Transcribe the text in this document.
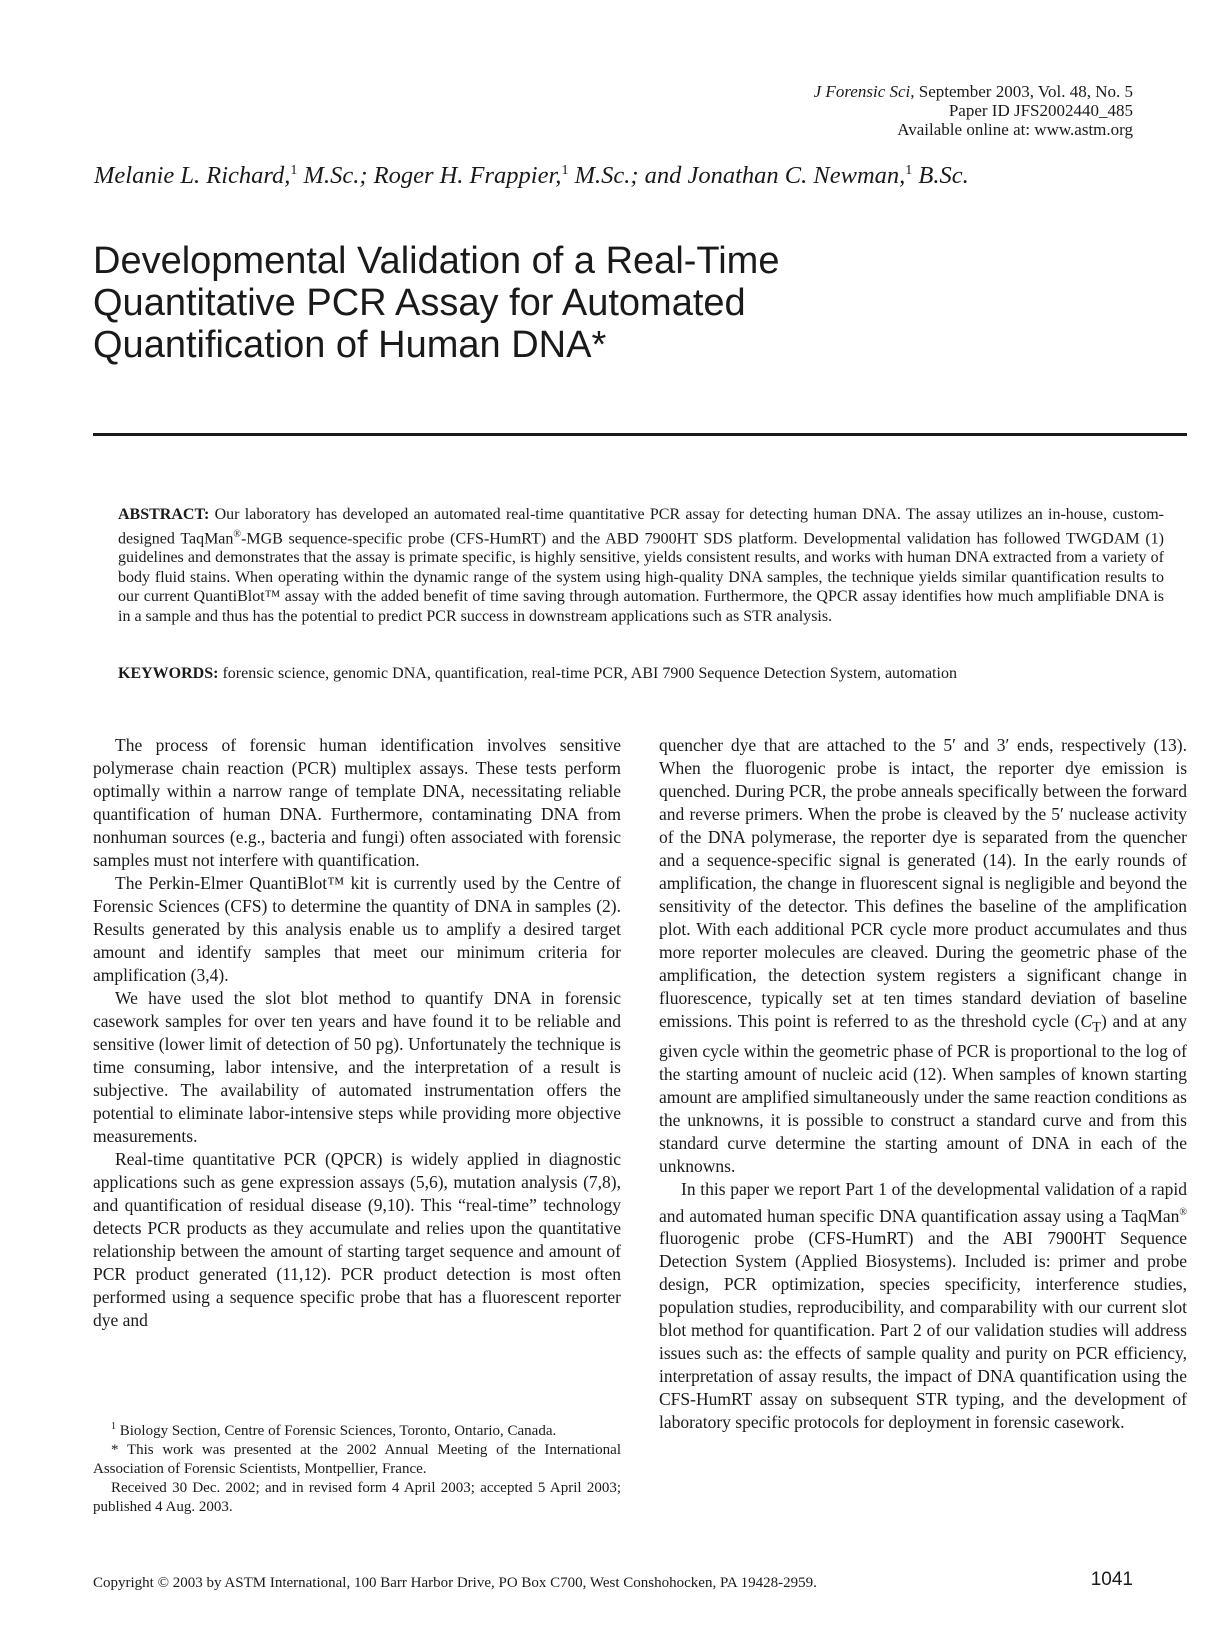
J Forensic Sci, September 2003, Vol. 48, No. 5
Paper ID JFS2002440_485
Available online at: www.astm.org
Melanie L. Richard,$^1$ M.Sc.; Roger H. Frappier,$^1$ M.Sc.; and Jonathan C. Newman,$^1$ B.Sc.
Developmental Validation of a Real-Time
Quantitative PCR Assay for Automated
Quantification of Human DNA*
ABSTRACT: Our laboratory has developed an automated real-time quantitative PCR assay for detecting human DNA. The assay utilizes an in-house, custom-designed TaqMan®-MGB sequence-specific probe (CFS-HumRT) and the ABD 7900HT SDS platform. Developmental validation has followed TWGDAM (1) guidelines and demonstrates that the assay is primate specific, is highly sensitive, yields consistent results, and works with human DNA extracted from a variety of body fluid stains. When operating within the dynamic range of the system using high-quality DNA samples, the technique yields similar quantification results to our current QuantiBlot™ assay with the added benefit of time saving through automation. Furthermore, the QPCR assay identifies how much amplifiable DNA is in a sample and thus has the potential to predict PCR success in downstream applications such as STR analysis.
KEYWORDS: forensic science, genomic DNA, quantification, real-time PCR, ABI 7900 Sequence Detection System, automation

The process of forensic human identification involves sensitive polymerase chain reaction (PCR) multiplex assays. These tests perform optimally within a narrow range of template DNA, necessitating reliable quantification of human DNA. Furthermore, contaminating DNA from nonhuman sources (e.g., bacteria and fungi) often associated with forensic samples must not interfere with quantification.

The Perkin-Elmer QuantiBlot™ kit is currently used by the Centre of Forensic Sciences (CFS) to determine the quantity of DNA in samples (2). Results generated by this analysis enable us to amplify a desired target amount and identify samples that meet our minimum criteria for amplification (3,4).

We have used the slot blot method to quantify DNA in forensic casework samples for over ten years and have found it to be reliable and sensitive (lower limit of detection of 50 pg). Unfortunately the technique is time consuming, labor intensive, and the interpretation of a result is subjective. The availability of automated instrumentation offers the potential to eliminate labor-intensive steps while providing more objective measurements.

Real-time quantitative PCR (QPCR) is widely applied in diagnostic applications such as gene expression assays (5,6), mutation analysis (7,8), and quantification of residual disease (9,10). This “real-time” technology detects PCR products as they accumulate and relies upon the quantitative relationship between the amount of starting target sequence and amount of PCR product generated (11,12). PCR product detection is most often performed using a sequence specific probe that has a fluorescent reporter dye and

quencher dye that are attached to the 5′ and 3′ ends, respectively (13). When the fluorogenic probe is intact, the reporter dye emission is quenched. During PCR, the probe anneals specifically between the forward and reverse primers. When the probe is cleaved by the 5′ nuclease activity of the DNA polymerase, the reporter dye is separated from the quencher and a sequence-specific signal is generated (14). In the early rounds of amplification, the change in fluorescent signal is negligible and beyond the sensitivity of the detector. This defines the baseline of the amplification plot. With each additional PCR cycle more product accumulates and thus more reporter molecules are cleaved. During the geometric phase of the amplification, the detection system registers a significant change in fluorescence, typically set at ten times standard deviation of baseline emissions. This point is referred to as the threshold cycle $(C_T)$ and at any given cycle within the geometric phase of PCR is proportional to the log of the starting amount of nucleic acid (12). When samples of known starting amount are amplified simultaneously under the same reaction conditions as the unknowns, it is possible to construct a standard curve and from this standard curve determine the starting amount of DNA in each of the unknowns.

In this paper we report Part 1 of the developmental validation of a rapid and automated human specific DNA quantification assay using a TaqMan® fluorogenic probe (CFS-HumRT) and the ABI 7900HT Sequence Detection System (Applied Biosystems). Included is: primer and probe design, PCR optimization, species specificity, interference studies, population studies, reproducibility, and comparability with our current slot blot method for quantification. Part 2 of our validation studies will address issues such as: the effects of sample quality and purity on PCR efficiency, interpretation of assay results, the impact of DNA quantification using the CFS-HumRT assay on subsequent STR typing, and the development of laboratory specific protocols for deployment in forensic casework.

$^1$ Biology Section, Centre of Forensic Sciences, Toronto, Ontario, Canada.

* This work was presented at the 2002 Annual Meeting of the International Association of Forensic Scientists, Montpellier, France.

Received 30 Dec. 2002; and in revised form 4 April 2003; accepted 5 April 2003; published 4 Aug. 2003.

Copyright © 2003 by ASTM International, 100 Barr Harbor Drive, PO Box C700, West Conshohocken, PA 19428-2959.	1041
